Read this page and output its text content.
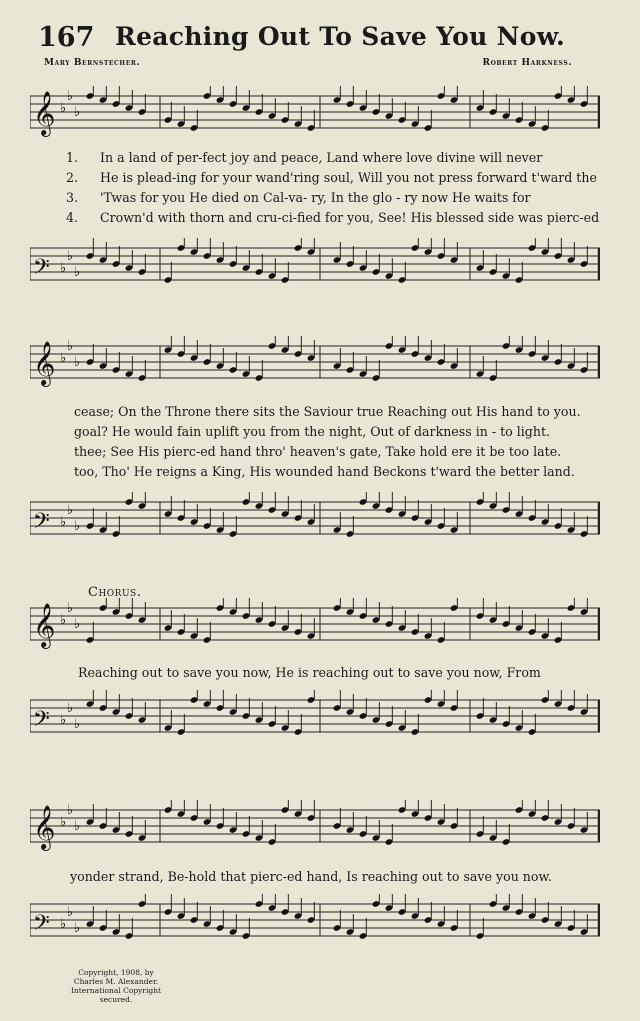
167 Reaching Out To Save You Now.
Mary Bernstecher.	Robert Harkness.
𝄞 ♭
♭
♭
1. In a land of per-fect joy and peace, Land where love divine will never
2. He is plead-ing for your wand'ring soul, Will you not press forward t'ward the
3. 'Twas for you He died on Cal-va- ry, In the glo - ry now He waits for
4. Crown'd with thorn and cru-ci-fied for you, See! His blessed side was pierc-ed
𝄢 ♭
♭
♭
𝄞 ♭
♭
♭
cease; On the Throne there sits the Saviour true Reaching out His hand to you.
goal? He would fain uplift you from the night, Out of darkness in - to light.
thee; See His pierc-ed hand thro' heaven's gate, Take hold ere it be too late.
too, Tho' He reigns a King, His wounded hand Beckons t'ward the better land.
𝄢 ♭
♭
♭
Chorus.
𝄞 ♭
♭
♭
Reaching out to save you now, He is reaching out to save you now, From
𝄢 ♭
♭
♭
𝄞 ♭
♭
♭
yonder strand, Be-hold that pierc-ed hand, Is reaching out to save you now.
𝄢 ♭
♭
♭
Copyright, 1908, by
Charles M. Alexander.
International Copyright secured.
